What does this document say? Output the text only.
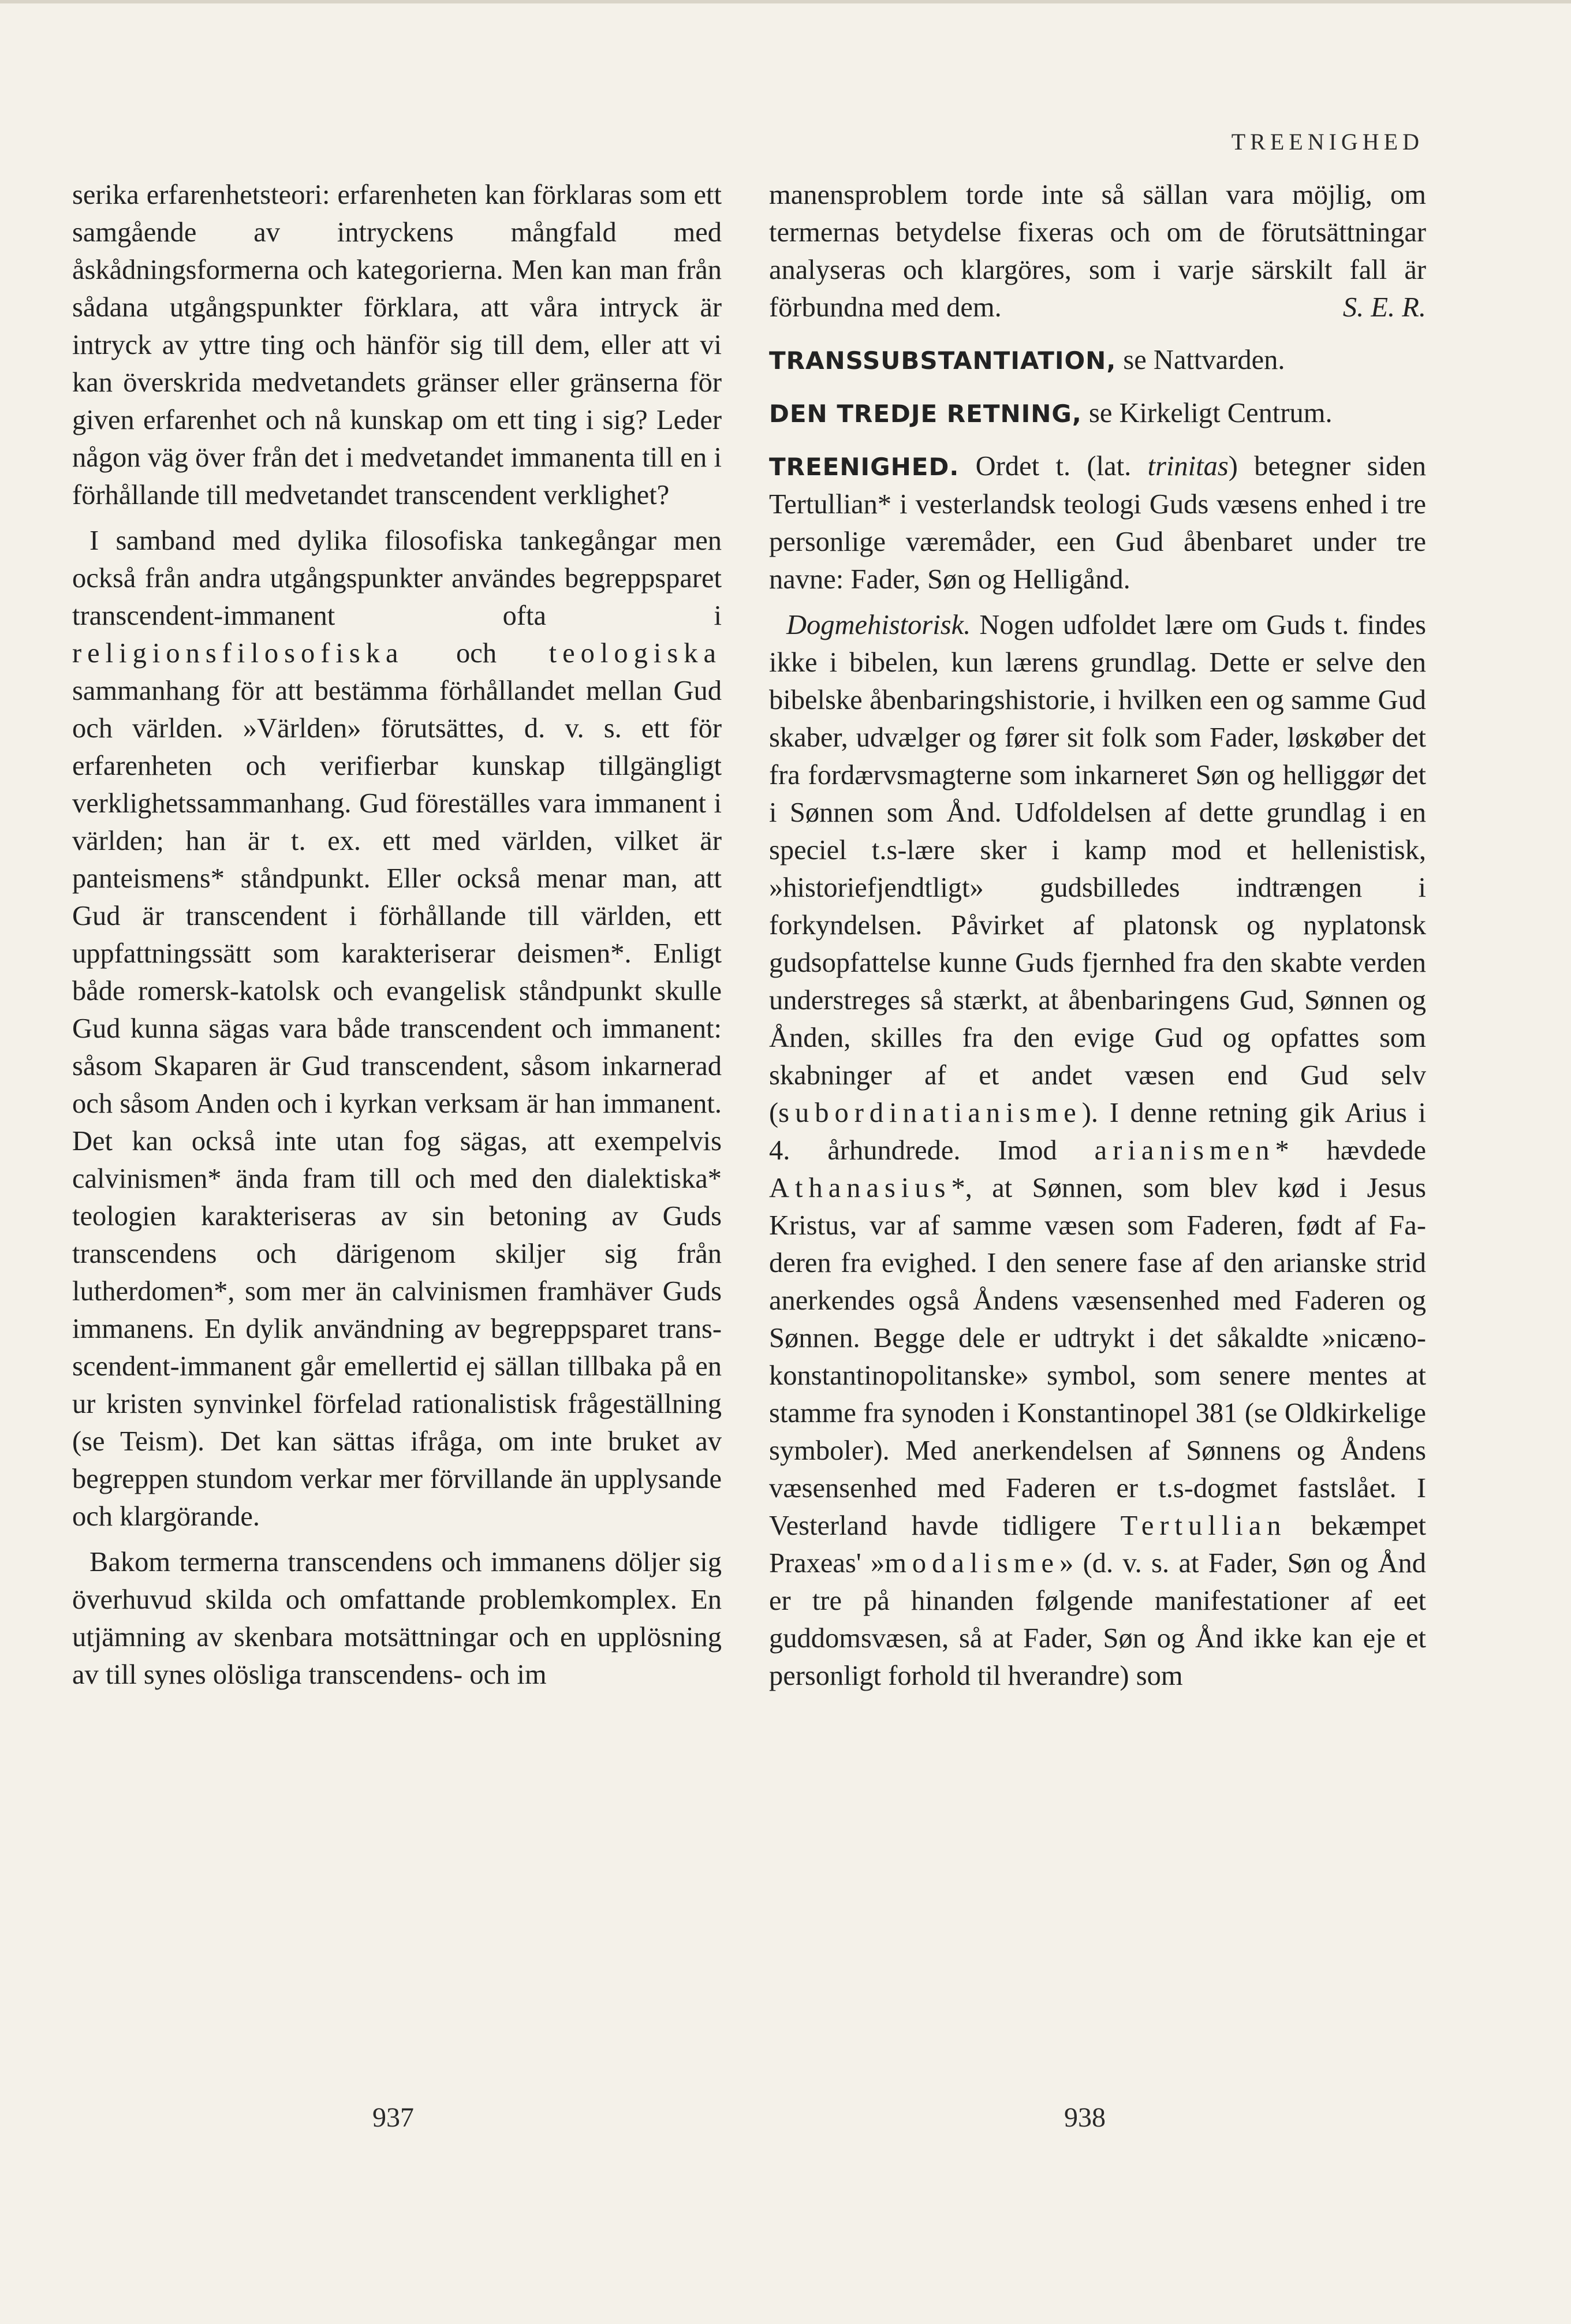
TREENIGHED

serika erfarenhetsteori: erfarenheten kan förklaras som ett samgående av intryckens mångfald med åskådningsformerna och kategorierna. Men kan man från sådana utgångspunkter förklara, att våra intryck är intryck av yttre ting och hänför sig till dem, eller att vi kan överskrida medvetandets gränser eller gränserna för given erfarenhet och nå kunskap om ett ting i sig? Leder någon väg över från det i medvetandet immanenta till en i förhållande till medvetandet transcendent verklighet?

I samband med dylika filosofiska tankegångar men också från andra utgångspunkter användes begreppsparet transcendent-immanent ofta i religionsfilosofiska och teologiska sammanhang för att bestämma förhållandet mellan Gud och världen. »Världen» förutsättes, d. v. s. ett för erfarenheten och verifierbar kunskap tillgängligt verklighetssammanhang. Gud föreställes vara immanent i världen; han är t. ex. ett med världen, vilket är panteismens* ståndpunkt. Eller också menar man, att Gud är transcendent i förhållande till världen, ett uppfattningssätt som karakteriserar deismen*. Enligt både romersk-katolsk och evangelisk ståndpunkt skulle Gud kunna sägas vara både transcendent och immanent: såsom Skaparen är Gud transcendent, såsom inkarnerad och såsom Anden och i kyrkan verksam är han immanent. Det kan också inte utan fog sägas, att exempelvis calvinismen* ända fram till och med den dialektiska* teologien karakteriseras av sin betoning av Guds transcendens och därigenom skiljer sig från lutherdomen*, som mer än calvinismen framhäver Guds immanens. En dylik användning av begreppsparet transscendent-immanent går emellertid ej sällan tillbaka på en ur kristen synvinkel förfelad rationalistisk frågeställning (se Teism). Det kan sättas ifråga, om inte bruket av begreppen stundom verkar mer förvillande än upplysande och klargörande.

Bakom termerna transcendens och immanens döljer sig överhuvud skilda och omfattande problemkomplex. En utjämning av skenbara motsättningar och en upplösning av till synes olösliga transcendens- och im

manensproblem torde inte så sällan vara möjlig, om termernas betydelse fixeras och om de förutsättningar analyseras och klargöres, som i varje särskilt fall är förbundna med dem.	S. E. R.

TRANSSUBSTANTIATION, se Nattvarden.

DEN TREDJE RETNING, se Kirkeligt Centrum.

TREENIGHED. Ordet t. (lat. trinitas) betegner siden Tertullian* i vesterlandsk teologi Guds væsens enhed i tre personlige væremåder, een Gud åbenbaret under tre navne: Fader, Søn og Helligånd.

Dogmehistorisk. Nogen udfoldet lære om Guds t. findes ikke i bibelen, kun lærens grundlag. Dette er selve den bibelske åbenbaringshistorie, i hvilken een og samme Gud skaber, udvælger og fører sit folk som Fader, løskøber det fra fordærvsmagterne som inkarneret Søn og helliggør det i Sønnen som Ånd. Udfoldelsen af dette grundlag i en speciel t.s-lære sker i kamp mod et hellenistisk, »historiefjendtligt» gudsbilledes indtrængen i forkyndelsen. Påvirket af platonsk og nyplatonsk gudsopfattelse kunne Guds fjernhed fra den skabte verden understreges så stærkt, at åbenbaringens Gud, Sønnen og Ånden, skilles fra den evige Gud og opfattes som skabninger af et andet væsen end Gud selv (subordinatianisme). I denne retning gik Arius i 4. århundrede. Imod arianismen* hævdede Athanasius*, at Sønnen, som blev kød i Jesus Kristus, var af samme væsen som Faderen, født af Faderen fra evighed. I den senere fase af den arianske strid anerkendes også Åndens væsensenhed med Faderen og Sønnen. Begge dele er udtrykt i det såkaldte »nicæno-konstantinopolitanske» symbol, som senere mentes at stamme fra synoden i Konstantinopel 381 (se Oldkirkelige symboler). Med anerkendelsen af Sønnens og Åndens væsensenhed med Faderen er t.s-dogmet fastslået. I Vesterland havde tidligere Tertullian bekæmpet Praxeas' »modalisme» (d. v. s. at Fader, Søn og Ånd er tre på hinanden følgende manifestationer af eet guddomsvæsen, så at Fader, Søn og Ånd ikke kan eje et personligt forhold til hverandre) som

937	938
